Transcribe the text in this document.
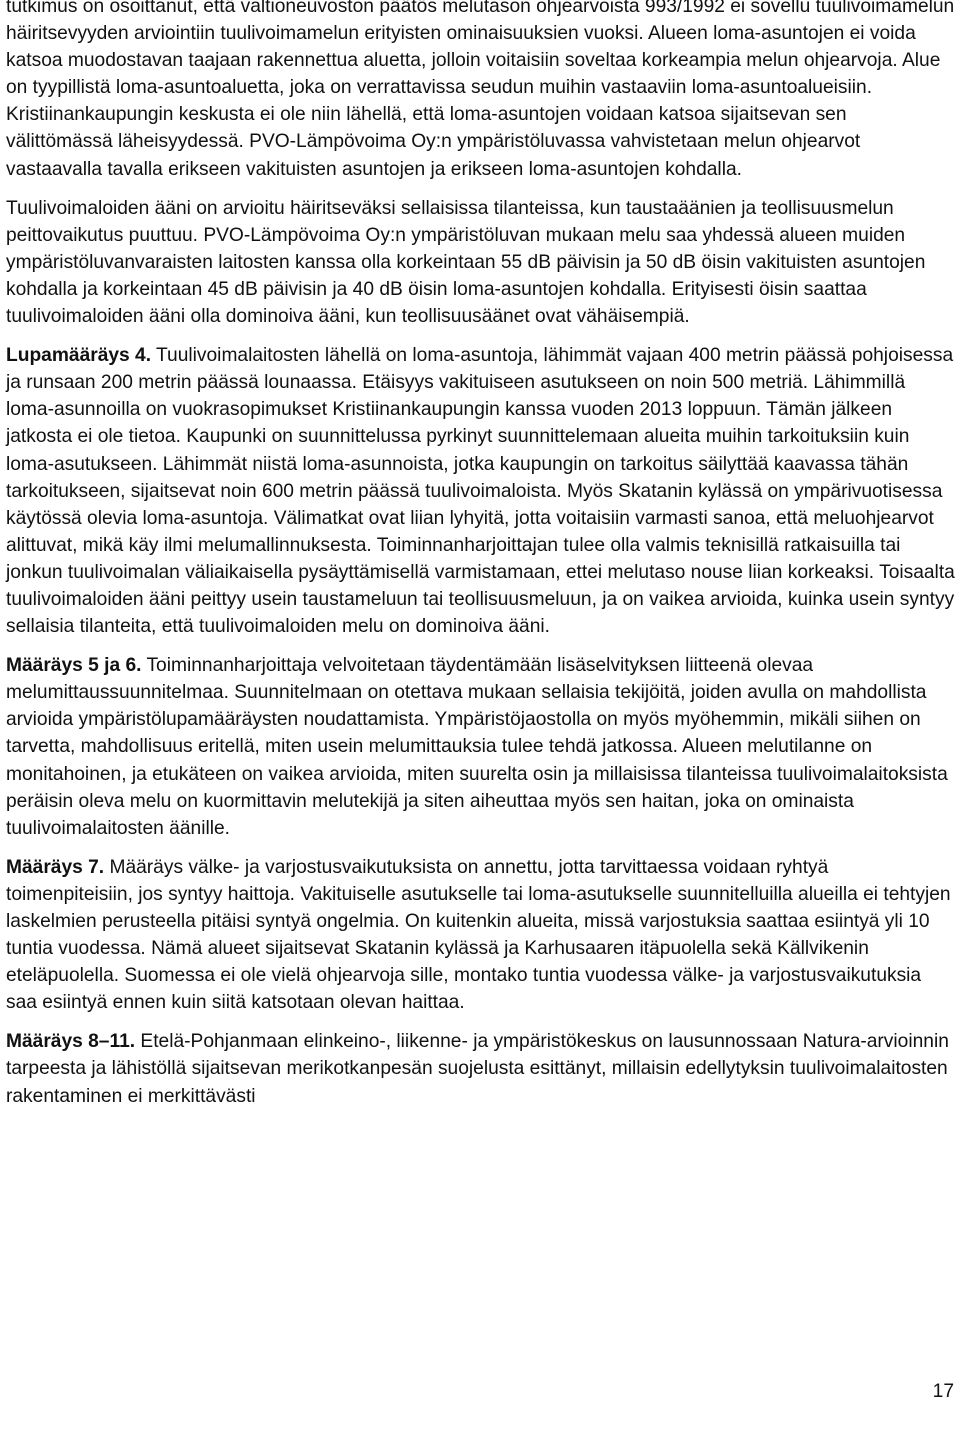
tutkimus on osoittanut, että valtioneuvoston päätös melutason ohjearvoista 993/1992 ei sovellu tuulivoimamelun häiritsevyyden arviointiin tuulivoimamelun erityisten ominaisuuksien vuoksi. Alueen loma-asuntojen ei voida katsoa muodostavan taajaan rakennettua aluetta, jolloin voitaisiin soveltaa korkeampia melun ohjearvoja. Alue on tyypillistä loma-asuntoaluetta, joka on verrattavissa seudun muihin vastaaviin loma-asuntoalueisiin. Kristiinankaupungin keskusta ei ole niin lähellä, että loma-asuntojen voidaan katsoa sijaitsevan sen välittömässä läheisyydessä. PVO-Lämpövoima Oy:n ympäristöluvassa vahvistetaan melun ohjearvot vastaavalla tavalla erikseen vakituisten asuntojen ja erikseen loma-asuntojen kohdalla.

Tuulivoimaloiden ääni on arvioitu häiritseväksi sellaisissa tilanteissa, kun taustaäänien ja teollisuusmelun peittovaikutus puuttuu. PVO-Lämpövoima Oy:n ympäristöluvan mukaan melu saa yhdessä alueen muiden ympäristöluvanvaraisten laitosten kanssa olla korkeintaan 55 dB päivisin ja 50 dB öisin vakituisten asuntojen kohdalla ja korkeintaan 45 dB päivisin ja 40 dB öisin loma-asuntojen kohdalla. Erityisesti öisin saattaa tuulivoimaloiden ääni olla dominoiva ääni, kun teollisuusäänet ovat vähäisempiä.

Lupamääräys 4. Tuulivoimalaitosten lähellä on loma-asuntoja, lähimmät vajaan 400 metrin päässä pohjoisessa ja runsaan 200 metrin päässä lounaassa. Etäisyys vakituiseen asutukseen on noin 500 metriä. Lähimmillä loma-asunnoilla on vuokrasopimukset Kristiinankaupungin kanssa vuoden 2013 loppuun. Tämän jälkeen jatkosta ei ole tietoa. Kaupunki on suunnittelussa pyrkinyt suunnittelemaan alueita muihin tarkoituksiin kuin loma-asutukseen. Lähimmät niistä loma-asunnoista, jotka kaupungin on tarkoitus säilyttää kaavassa tähän tarkoitukseen, sijaitsevat noin 600 metrin päässä tuulivoimaloista. Myös Skatanin kylässä on ympärivuotisessa käytössä olevia loma-asuntoja. Välimatkat ovat liian lyhyitä, jotta voitaisiin varmasti sanoa, että meluohjearvot alittuvat, mikä käy ilmi melumallinnuksesta. Toiminnanharjoittajan tulee olla valmis teknisillä ratkaisuilla tai jonkun tuulivoimalan väliaikaisella pysäyttämisellä varmistamaan, ettei melutaso nouse liian korkeaksi. Toisaalta tuulivoimaloiden ääni peittyy usein taustameluun tai teollisuusmeluun, ja on vaikea arvioida, kuinka usein syntyy sellaisia tilanteita, että tuulivoimaloiden melu on dominoiva ääni.

Määräys 5 ja 6. Toiminnanharjoittaja velvoitetaan täydentämään lisäselvityksen liitteenä olevaa melumittaussuunnitelmaa. Suunnitelmaan on otettava mukaan sellaisia tekijöitä, joiden avulla on mahdollista arvioida ympäristölupamääräysten noudattamista. Ympäristöjaostolla on myös myöhemmin, mikäli siihen on tarvetta, mahdollisuus eritellä, miten usein melumittauksia tulee tehdä jatkossa. Alueen melutilanne on monitahoinen, ja etukäteen on vaikea arvioida, miten suurelta osin ja millaisissa tilanteissa tuulivoimalaitoksista peräisin oleva melu on kuormittavin melutekijä ja siten aiheuttaa myös sen haitan, joka on ominaista tuulivoimalaitosten äänille.

Määräys 7. Määräys välke- ja varjostusvaikutuksista on annettu, jotta tarvittaessa voidaan ryhtyä toimenpiteisiin, jos syntyy haittoja. Vakituiselle asutukselle tai loma-asutukselle suunnitelluilla alueilla ei tehtyjen laskelmien perusteella pitäisi syntyä ongelmia. On kuitenkin alueita, missä varjostuksia saattaa esiintyä yli 10 tuntia vuodessa. Nämä alueet sijaitsevat Skatanin kylässä ja Karhusaaren itäpuolella sekä Källvikenin eteläpuolella. Suomessa ei ole vielä ohjearvoja sille, montako tuntia vuodessa välke- ja varjostusvaikutuksia saa esiintyä ennen kuin siitä katsotaan olevan haittaa.

Määräys 8–11. Etelä-Pohjanmaan elinkeino-, liikenne- ja ympäristökeskus on lausunnossaan Natura-arvioinnin tarpeesta ja lähistöllä sijaitsevan merikotkanpesän suojelusta esittänyt, millaisin edellytyksin tuulivoimalaitosten rakentaminen ei merkittävästi

17
